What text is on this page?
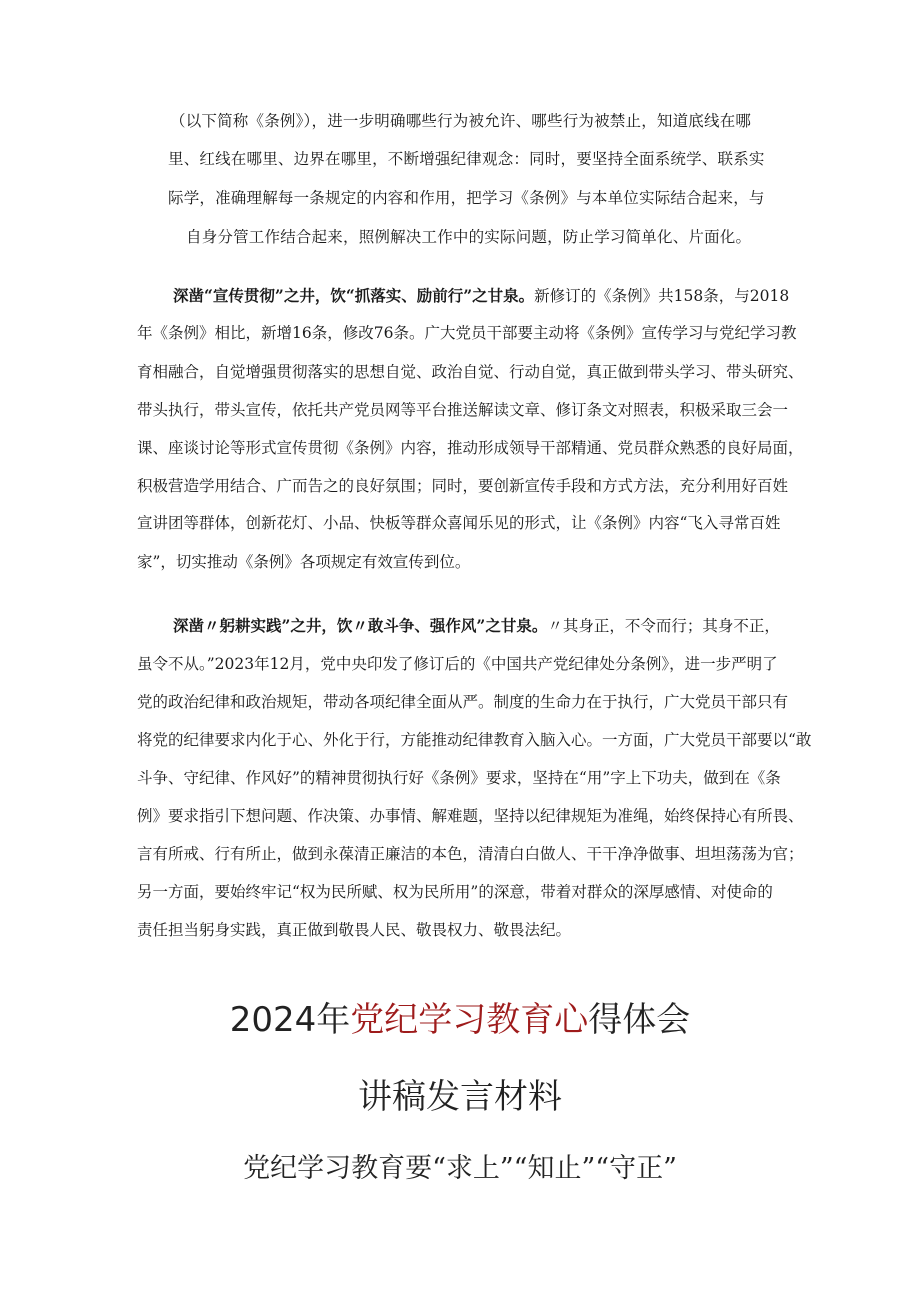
（以下简称《条例》），进一步明确哪些行为被允许、哪些行为被禁止，知道底线在哪
里、红线在哪里、边界在哪里，不断增强纪律观念：同时，要坚持全面系统学、联系实
际学，准确理解每一条规定的内容和作用，把学习《条例》与本单位实际结合起来，与
自身分管工作结合起来，照例解决工作中的实际问题，防止学习简单化、片面化。
深凿“宣传贯彻”之井，饮“抓落实、励前行”之甘泉。新修订的《条例》共158条，与2018
年《条例》相比，新增16条，修改76条。广大党员干部要主动将《条例》宣传学习与党纪学习教
育相融合，自觉增强贯彻落实的思想自觉、政治自觉、行动自觉，真正做到带头学习、带头研究、
带头执行，带头宣传，依托共产党员网等平台推送解读文章、修订条文对照表，积极采取三会一
课、座谈讨论等形式宣传贯彻《条例》内容，推动形成领导干部精通、党员群众熟悉的良好局面，
积极营造学用结合、广而告之的良好氛围；同时，要创新宣传手段和方式方法，充分利用好百姓
宣讲团等群体，创新花灯、小品、快板等群众喜闻乐见的形式，让《条例》内容“飞入寻常百姓
家”，切实推动《条例》各项规定有效宣传到位。
深凿〃躬耕实践”之井，饮〃敢斗争、强作风”之甘泉。〃其身正，不令而行；其身不正，
虽令不从。”2023年12月，党中央印发了修订后的《中国共产党纪律处分条例》，进一步严明了
党的政治纪律和政治规矩，带动各项纪律全面从严。制度的生命力在于执行，广大党员干部只有
将党的纪律要求内化于心、外化于行，方能推动纪律教育入脑入心。一方面，广大党员干部要以“敢
斗争、守纪律、作风好”的精神贯彻执行好《条例》要求，坚持在“用”字上下功夫，做到在《条
例》要求指引下想问题、作决策、办事情、解难题，坚持以纪律规矩为准绳，始终保持心有所畏、
言有所戒、行有所止，做到永葆清正廉洁的本色，清清白白做人、干干净净做事、坦坦荡荡为官；
另一方面，要始终牢记“权为民所赋、权为民所用”的深意，带着对群众的深厚感情、对使命的
责任担当躬身实践，真正做到敬畏人民、敬畏权力、敬畏法纪。
2024年党纪学习教育心得体会
讲稿发言材料
党纪学习教育要“求上”“知止”“守正”
